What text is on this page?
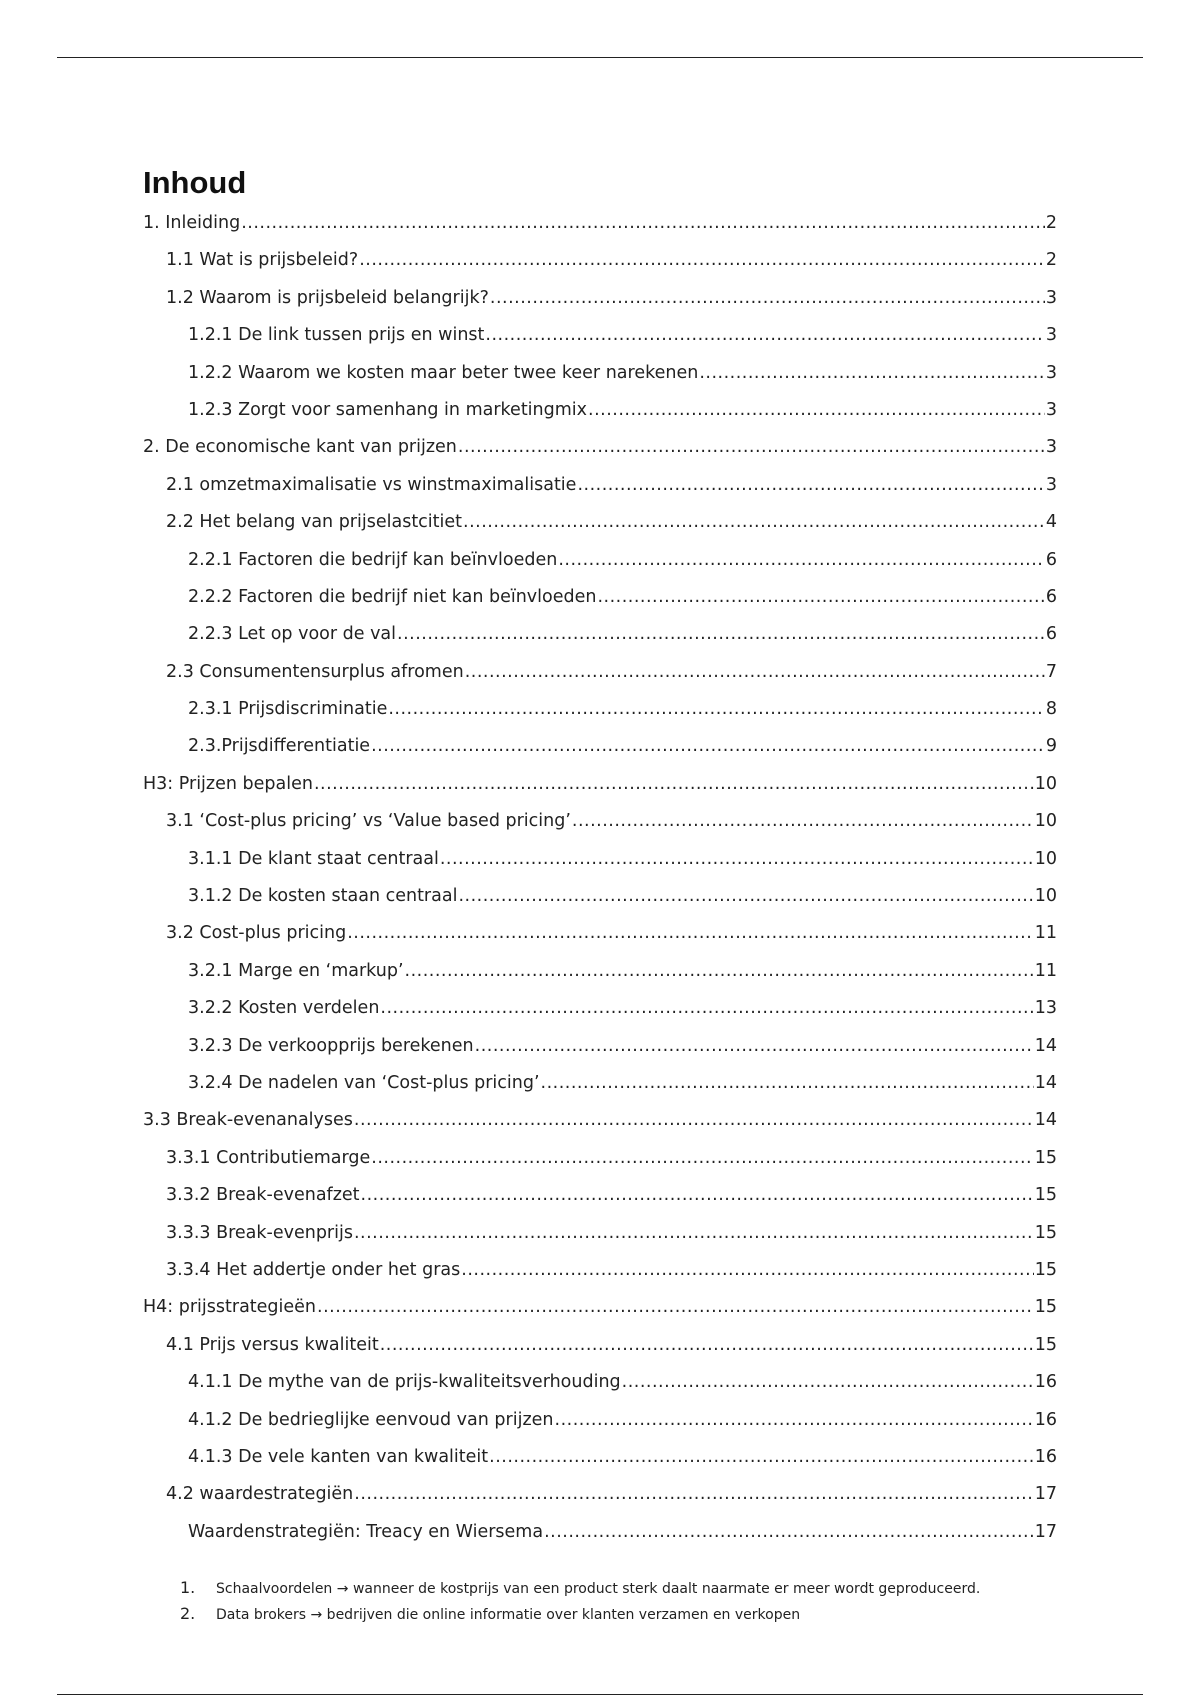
Inhoud
1. Inleiding .....	2
1.1 Wat is prijsbeleid? .....	2
1.2 Waarom is prijsbeleid belangrijk? .....	3
1.2.1 De link tussen prijs en winst .....	3
1.2.2 Waarom we kosten maar beter twee keer narekenen .....	3
1.2.3 Zorgt voor samenhang in marketingmix .....	3
2. De economische kant van prijzen .....	3
2.1 omzetmaximalisatie vs winstmaximalisatie .....	3
2.2 Het belang van prijselastcitiet .....	4
2.2.1 Factoren die bedrijf kan beïnvloeden .....	6
2.2.2 Factoren die bedrijf niet kan beïnvloeden .....	6
2.2.3 Let op voor de val .....	6
2.3 Consumentensurplus afromen .....	7
2.3.1 Prijsdiscriminatie .....	8
2.3.Prijsdifferentiatie .....	9
H3: Prijzen bepalen .....	10
3.1 ‘Cost-plus pricing’ vs ‘Value based pricing’ .....	10
3.1.1 De klant staat centraal .....	10
3.1.2 De kosten staan centraal .....	10
3.2 Cost-plus pricing .....	11
3.2.1 Marge en ‘markup’ .....	11
3.2.2 Kosten verdelen .....	13
3.2.3 De verkoopprijs berekenen .....	14
3.2.4 De nadelen van ‘Cost-plus pricing’ .....	14
3.3 Break-evenanalyses .....	14
3.3.1 Contributiemarge .....	15
3.3.2 Break-evenafzet .....	15
3.3.3 Break-evenprijs .....	15
3.3.4 Het addertje onder het gras .....	15
H4: prijsstrategieën .....	15
4.1 Prijs versus kwaliteit .....	15
4.1.1 De mythe van de prijs-kwaliteitsverhouding .....	16
4.1.2 De bedrieglijke eenvoud van prijzen .....	16
4.1.3 De vele kanten van kwaliteit .....	16
4.2 waardestrategiën .....	17
Waardenstrategiën: Treacy en Wiersema .....	17
1.	Schaalvoordelen → wanneer de kostprijs van een product sterk daalt naarmate er meer wordt geproduceerd.
2.	Data brokers → bedrijven die online informatie over klanten verzamen en verkopen
